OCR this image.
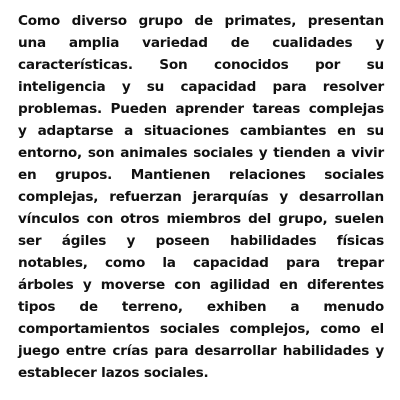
Como diverso grupo de primates, presentan
una amplia variedad de cualidades y
características. Son conocidos por su
inteligencia y su capacidad para resolver
problemas. Pueden aprender tareas complejas
y adaptarse a situaciones cambiantes en su
entorno, son animales sociales y tienden a vivir
en grupos. Mantienen relaciones sociales
complejas, refuerzan jerarquías y desarrollan
vínculos con otros miembros del grupo, suelen
ser ágiles y poseen habilidades físicas
notables, como la capacidad para trepar
árboles y moverse con agilidad en diferentes
tipos de terreno, exhiben a menudo
comportamientos sociales complejos, como el
juego entre crías para desarrollar habilidades y
establecer lazos sociales.
